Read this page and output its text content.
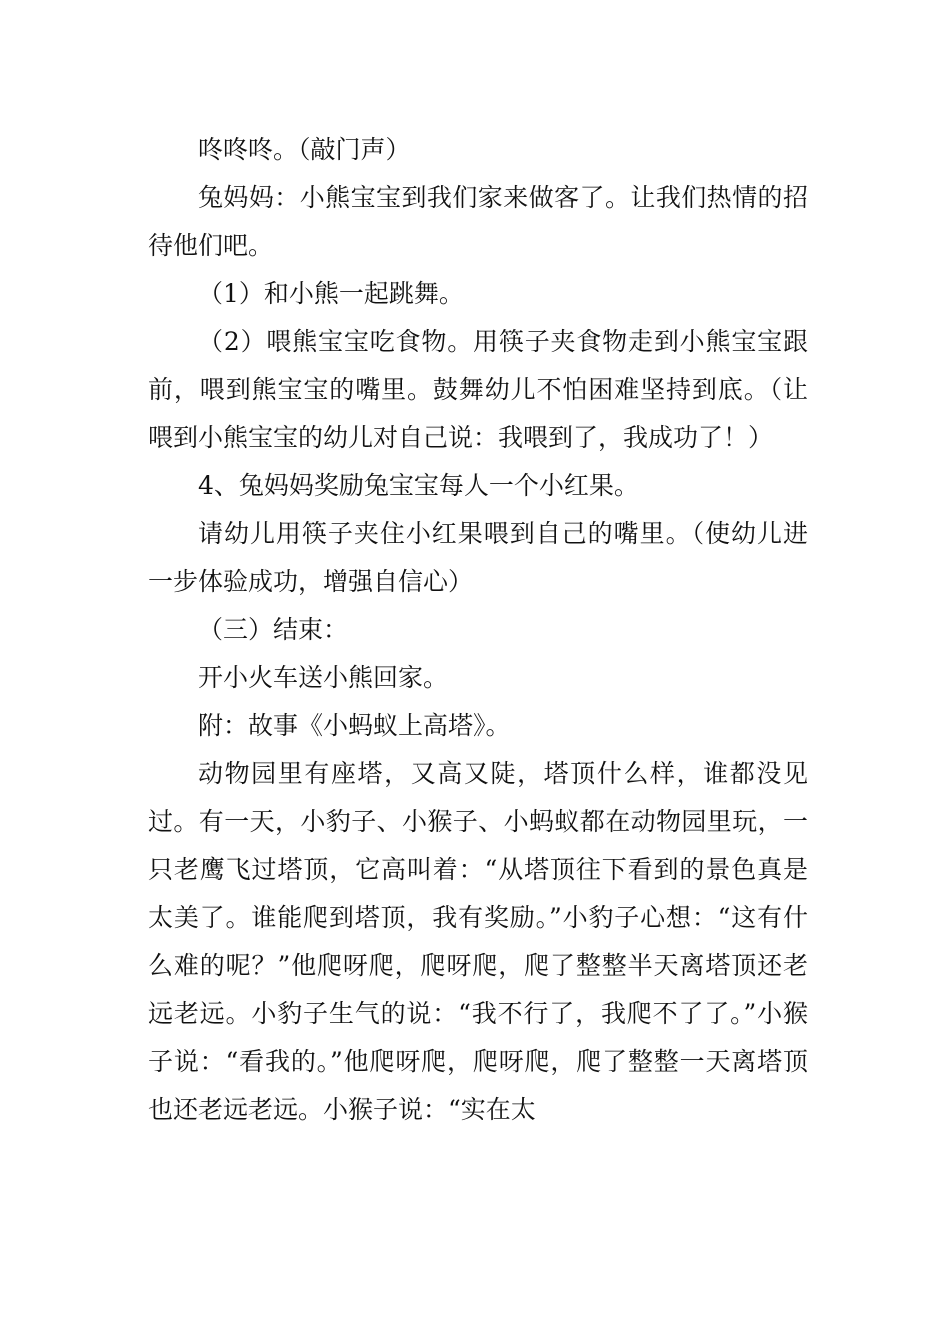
咚咚咚。（敲门声）

兔妈妈：小熊宝宝到我们家来做客了。让我们热情的招待他们吧。

（1）和小熊一起跳舞。

（2）喂熊宝宝吃食物。用筷子夹食物走到小熊宝宝跟前，喂到熊宝宝的嘴里。鼓舞幼儿不怕困难坚持到底。（让喂到小熊宝宝的幼儿对自己说：我喂到了，我成功了！）

4、兔妈妈奖励兔宝宝每人一个小红果。

请幼儿用筷子夹住小红果喂到自己的嘴里。（使幼儿进一步体验成功，增强自信心）

（三）结束：

开小火车送小熊回家。

附：故事《小蚂蚁上高塔》。

动物园里有座塔，又高又陡，塔顶什么样，谁都没见过。有一天，小豹子、小猴子、小蚂蚁都在动物园里玩，一只老鹰飞过塔顶，它高叫着：“从塔顶往下看到的景色真是太美了。谁能爬到塔顶，我有奖励。”小豹子心想：“这有什么难的呢？”他爬呀爬，爬呀爬，爬了整整半天离塔顶还老远老远。小豹子生气的说：“我不行了，我爬不了了。”小猴子说：“看我的。”他爬呀爬，爬呀爬，爬了整整一天离塔顶也还老远老远。小猴子说：“实在太
